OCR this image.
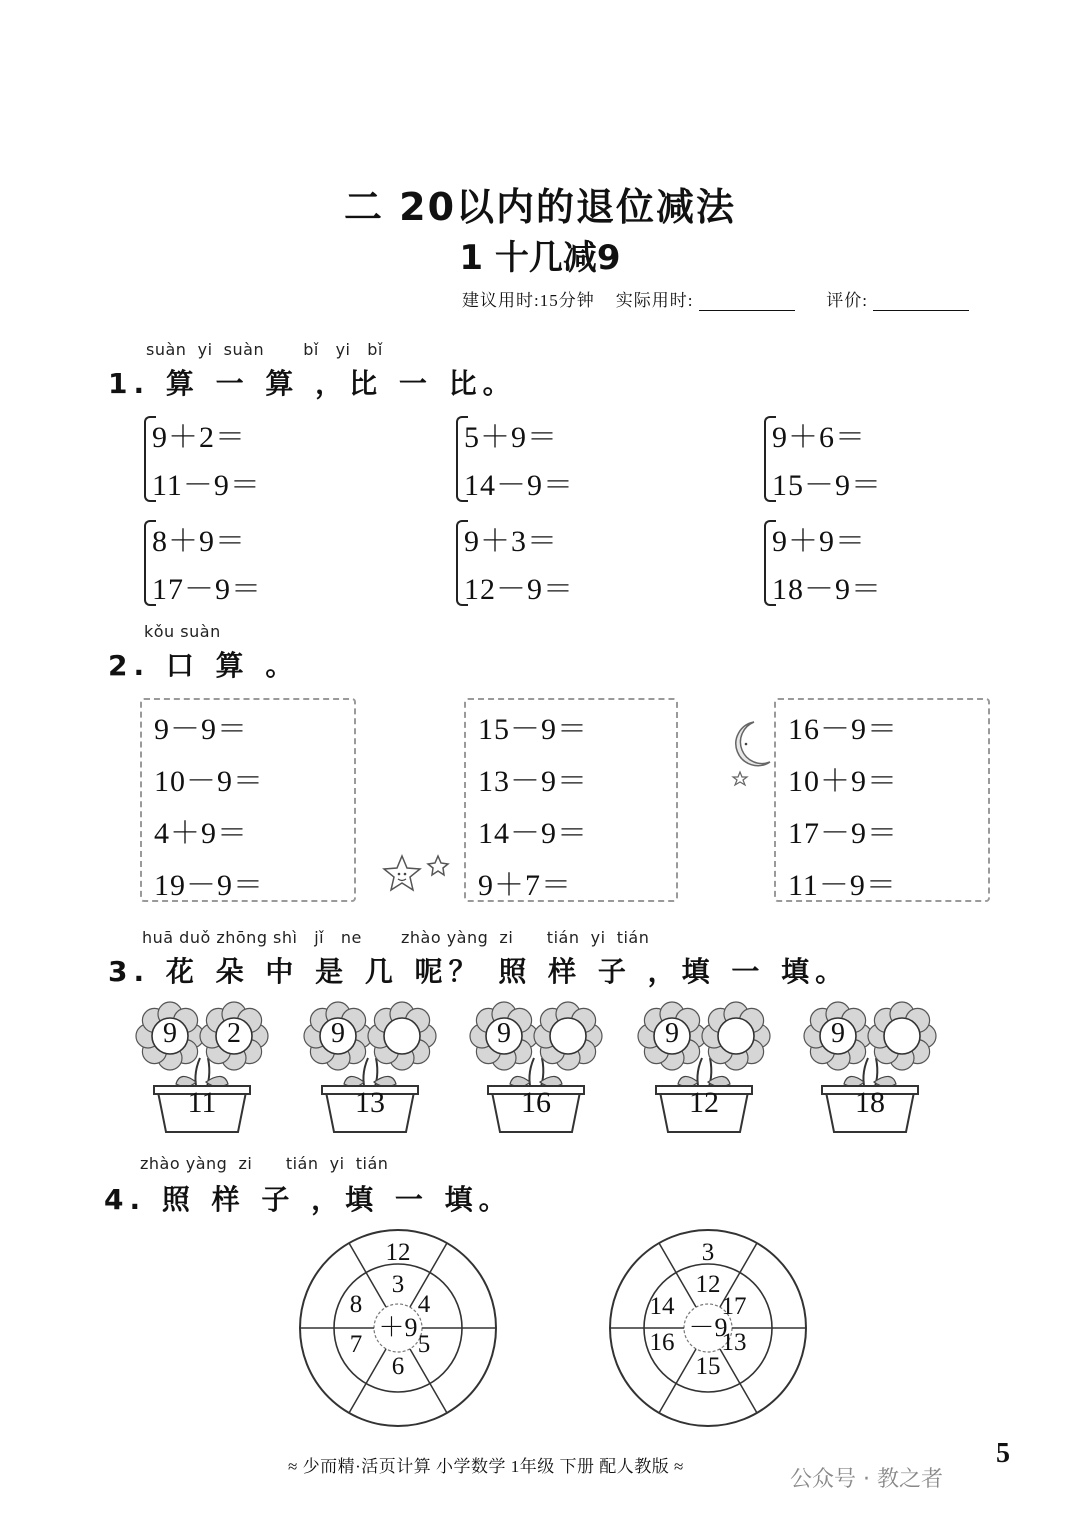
二 20以内的退位减法
1 十几减9
建议用时:15分钟 实际用时:	评价:
suàn  yi  suàn       bǐ   yi   bǐ
1. 算 一 算 ，比 一 比。
9＋2＝
11－9＝
5＋9＝
14－9＝
9＋6＝
15－9＝
8＋9＝
17－9＝
9＋3＝
12－9＝
9＋9＝
18－9＝
kǒu suàn
2. 口 算 。
9－9＝
10－9＝
4＋9＝
19－9＝
15－9＝
13－9＝
14－9＝
9＋7＝
16－9＝
10＋9＝
17－9＝
11－9＝
huā duǒ zhōng shì   jǐ   ne       zhào yàng  zi      tián  yi  tián
3. 花 朵 中 是 几 呢？ 照 样 子 ，填 一 填。
9	2
11
9
13
9
16
9
12
9
18
zhào yàng  zi      tián  yi  tián
4. 照 样 子 ，填 一 填。
＋9
12
3
4
5
6
7
8
－9
3
12
17
13
15
16
14
≈ 少而精·活页计算 小学数学 1年级 下册 配人教版 ≈	5
公众号 · 教之者
